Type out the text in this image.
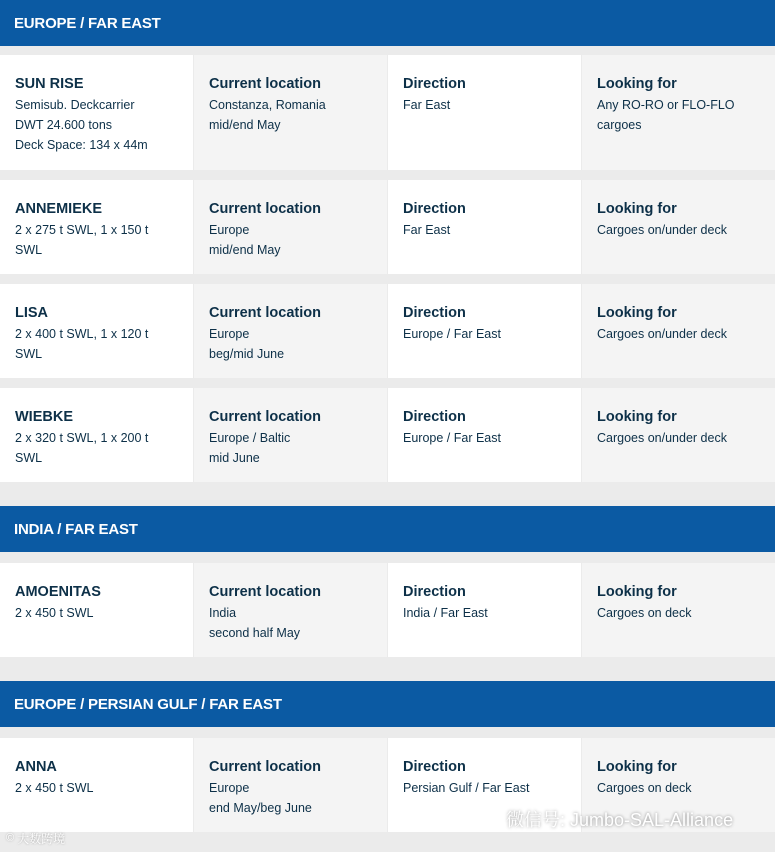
EUROPE / FAR EAST
SUN RISE
Semisub. Deckcarrier
DWT 24.600 tons
Deck Space: 134 x 44m
Current location
Constanza, Romania
mid/end May
Direction
Far East
Looking for
Any RO-RO or FLO-FLO
cargoes
ANNEMIEKE
2 x 275 t SWL, 1 x 150 t
SWL
Current location
Europe
mid/end May
Direction
Far East
Looking for
Cargoes on/under deck
LISA
2 x 400 t SWL, 1 x 120 t
SWL
Current location
Europe
beg/mid June
Direction
Europe / Far East
Looking for
Cargoes on/under deck
WIEBKE
2 x 320 t SWL, 1 x 200 t
SWL
Current location
Europe / Baltic
mid June
Direction
Europe / Far East
Looking for
Cargoes on/under deck
INDIA / FAR EAST
AMOENITAS
2 x 450 t SWL
Current location
India
second half May
Direction
India / Far East
Looking for
Cargoes on deck
EUROPE / PERSIAN GULF / FAR EAST
ANNA
2 x 450 t SWL
Current location
Europe
end May/beg June
Direction
Persian Gulf / Far East
Looking for
Cargoes on deck
© 大数跨境
微信号: Jumbo-SAL-Alliance
